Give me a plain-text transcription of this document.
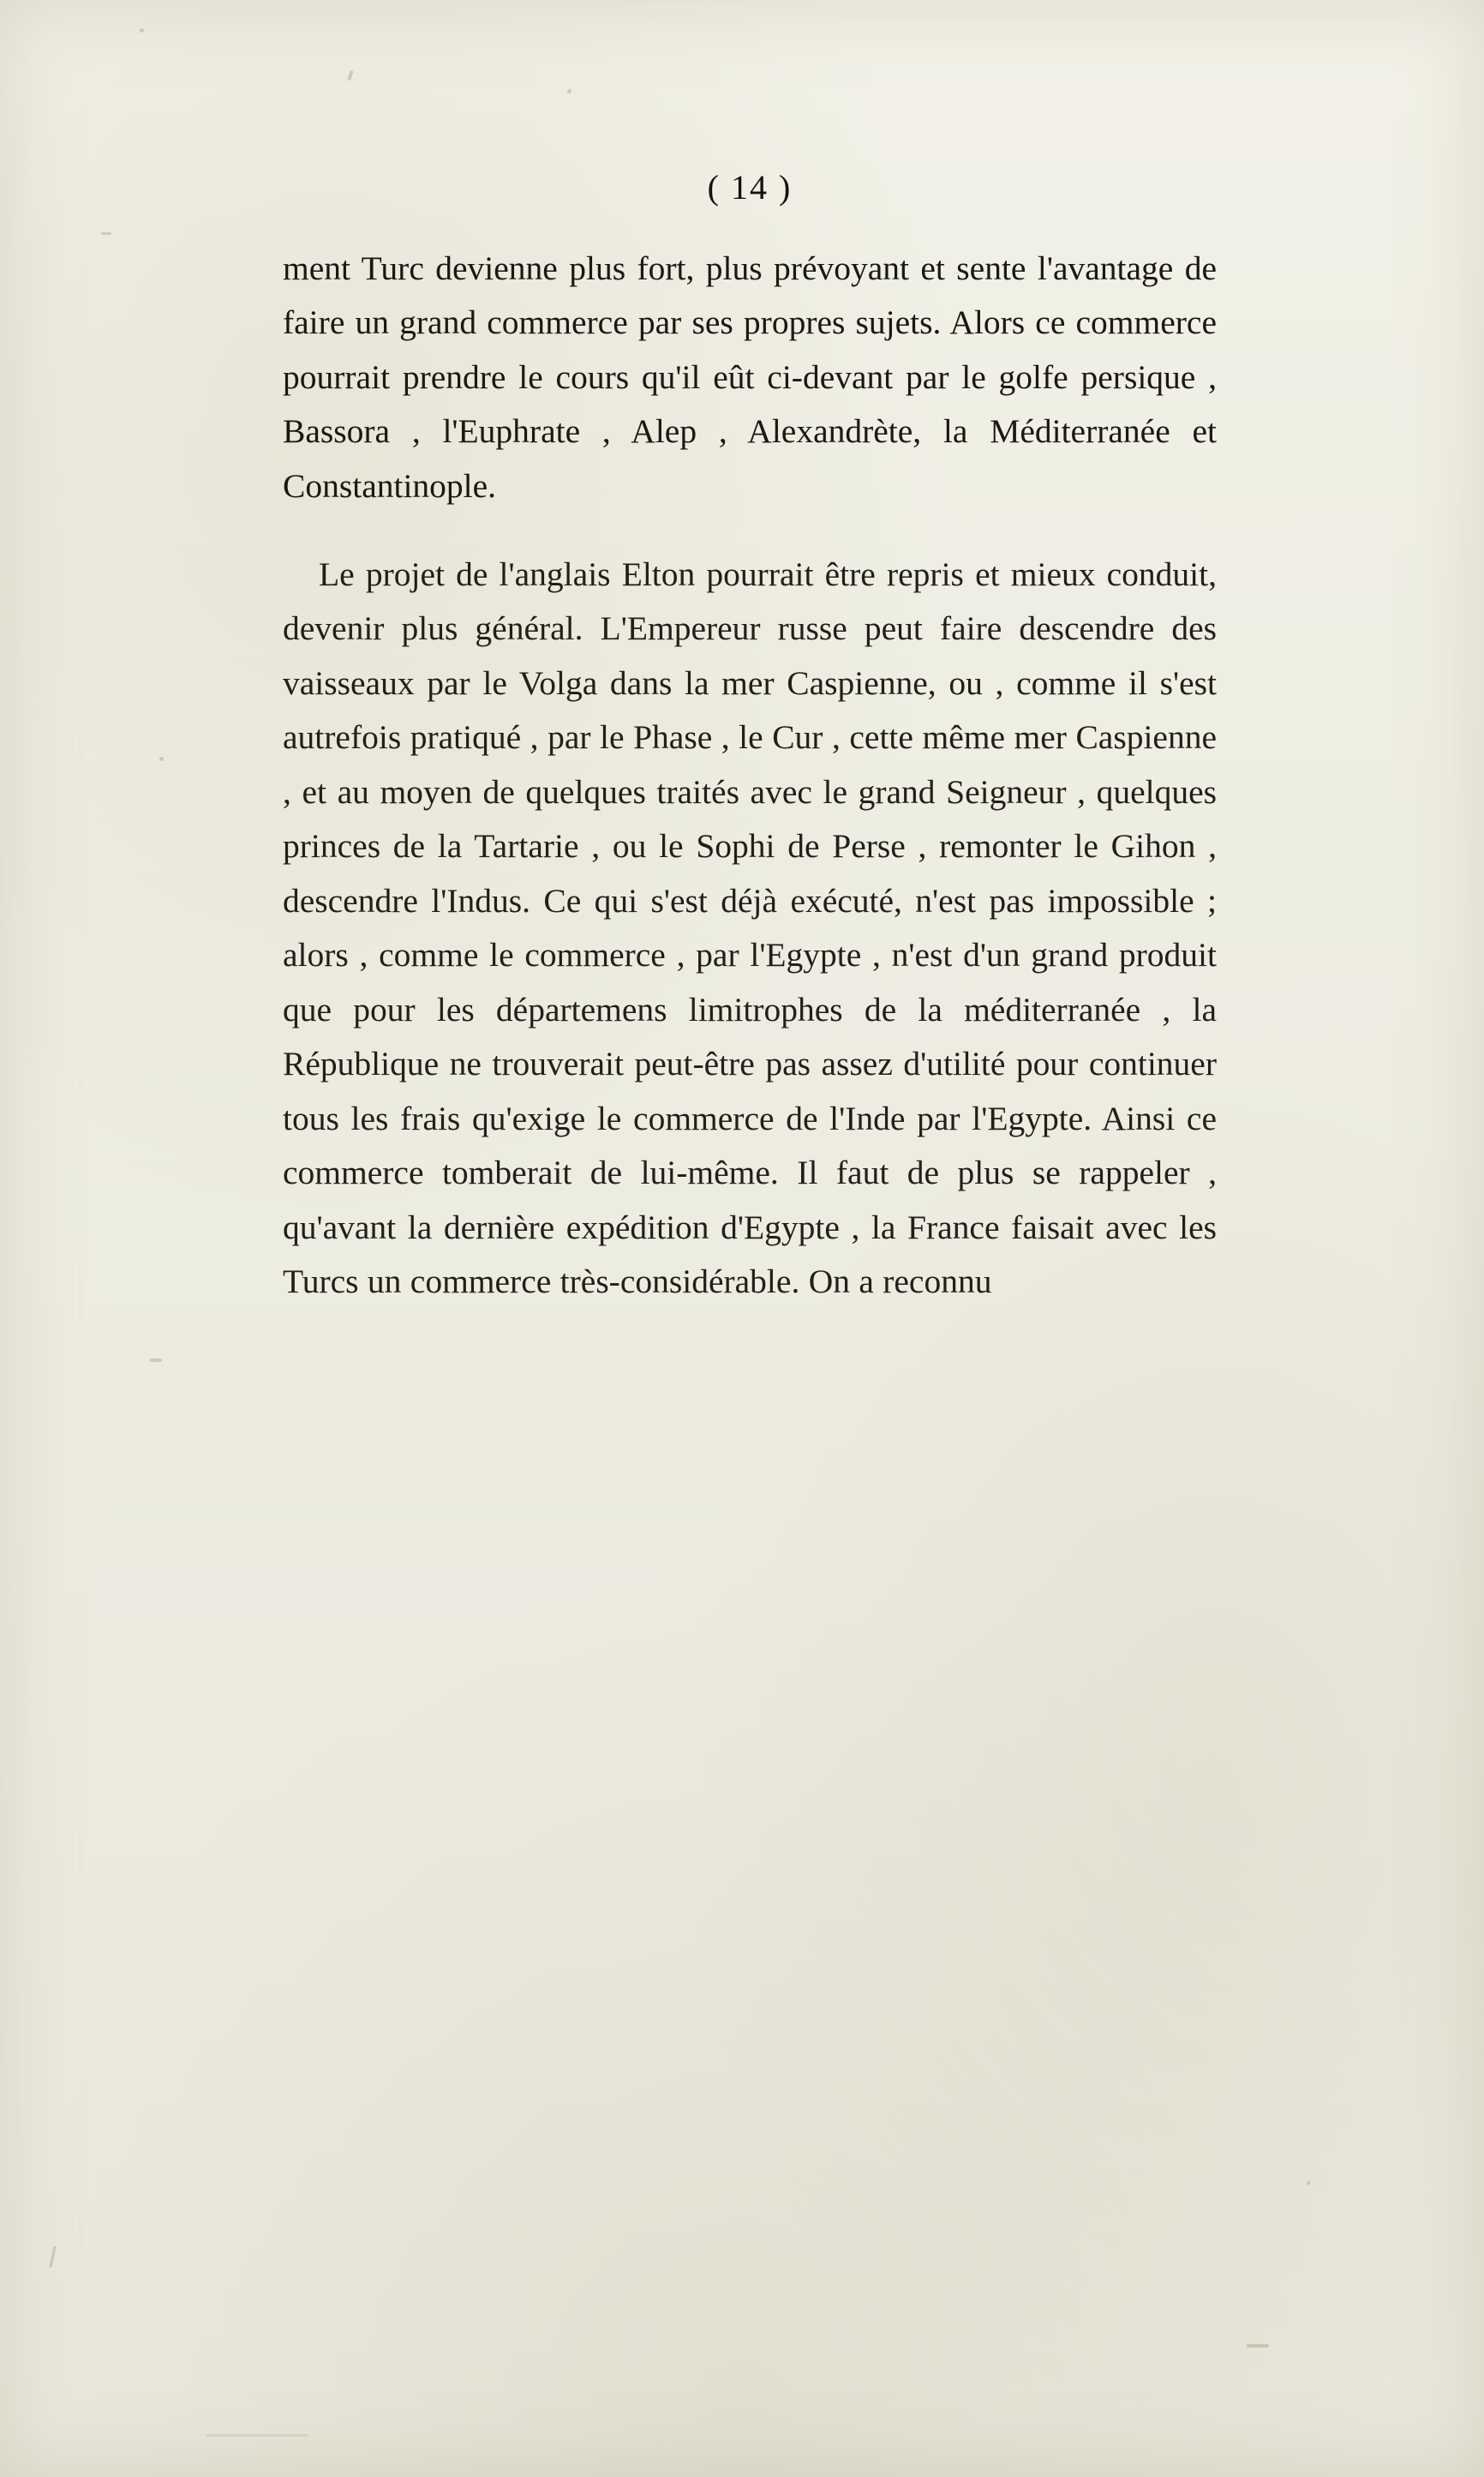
( 14 )

ment Turc devienne plus fort, plus prévoyant et sente l'avantage de faire un grand commerce par ses propres sujets. Alors ce commerce pourrait prendre le cours qu'il eût ci-devant par le golfe persique , Bassora , l'Euphrate , Alep , Alexandrète, la Méditerranée et Constantinople.

Le projet de l'anglais Elton pourrait être repris et mieux conduit, devenir plus général. L'Empereur russe peut faire descendre des vaisseaux par le Volga dans la mer Caspienne, ou , comme il s'est autrefois pratiqué , par le Phase , le Cur , cette même mer Caspienne , et au moyen de quelques traités avec le grand Seigneur , quelques princes de la Tartarie , ou le Sophi de Perse , remonter le Gihon , descendre l'Indus. Ce qui s'est déjà exécuté, n'est pas impossible ; alors , comme le commerce , par l'Egypte , n'est d'un grand produit que pour les départemens limitrophes de la méditerranée , la République ne trouverait peut-être pas assez d'utilité pour continuer tous les frais qu'exige le commerce de l'Inde par l'Egypte. Ainsi ce commerce tomberait de lui-même. Il faut de plus se rappeler , qu'avant la dernière expédition d'Egypte , la France faisait avec les Turcs un commerce très-considérable. On a reconnu
